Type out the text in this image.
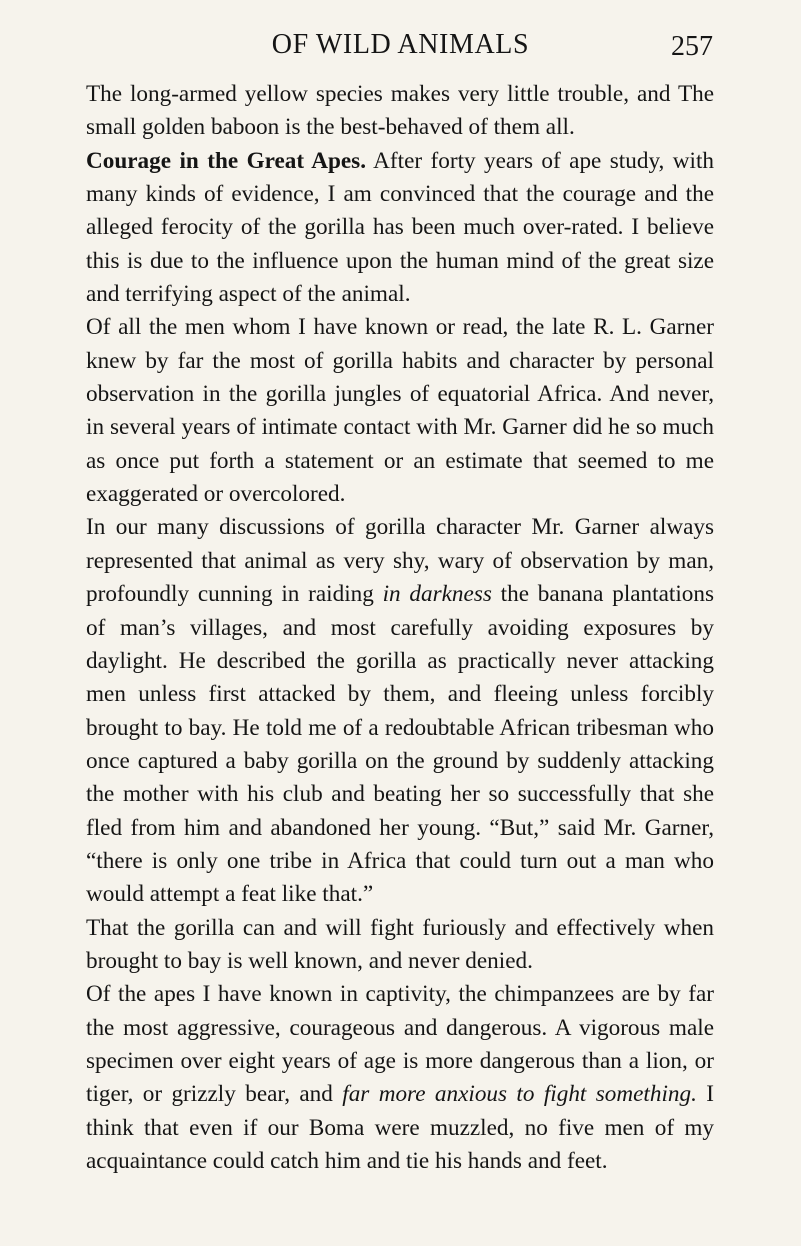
OF WILD ANIMALS	257

The long-armed yellow species makes very little trouble, and The small golden baboon is the best-behaved of them all.

Courage in the Great Apes. After forty years of ape study, with many kinds of evidence, I am convinced that the courage and the alleged ferocity of the gorilla has been much over-rated. I believe this is due to the influence upon the human mind of the great size and terrifying aspect of the animal.

Of all the men whom I have known or read, the late R. L. Garner knew by far the most of gorilla habits and character by personal observation in the gorilla jungles of equatorial Africa. And never, in several years of intimate contact with Mr. Garner did he so much as once put forth a statement or an estimate that seemed to me exaggerated or overcolored.

In our many discussions of gorilla character Mr. Garner always represented that animal as very shy, wary of observation by man, profoundly cunning in raiding in darkness the banana plantations of man’s villages, and most carefully avoiding exposures by daylight. He described the gorilla as practically never attacking men unless first attacked by them, and fleeing unless forcibly brought to bay. He told me of a redoubtable African tribesman who once captured a baby gorilla on the ground by suddenly attacking the mother with his club and beating her so successfully that she fled from him and abandoned her young. “But,” said Mr. Garner, “there is only one tribe in Africa that could turn out a man who would attempt a feat like that.”

That the gorilla can and will fight furiously and effectively when brought to bay is well known, and never denied.

Of the apes I have known in captivity, the chimpanzees are by far the most aggressive, courageous and dangerous. A vigorous male specimen over eight years of age is more dangerous than a lion, or tiger, or grizzly bear, and far more anxious to fight something. I think that even if our Boma were muzzled, no five men of my acquaintance could catch him and tie his hands and feet.
